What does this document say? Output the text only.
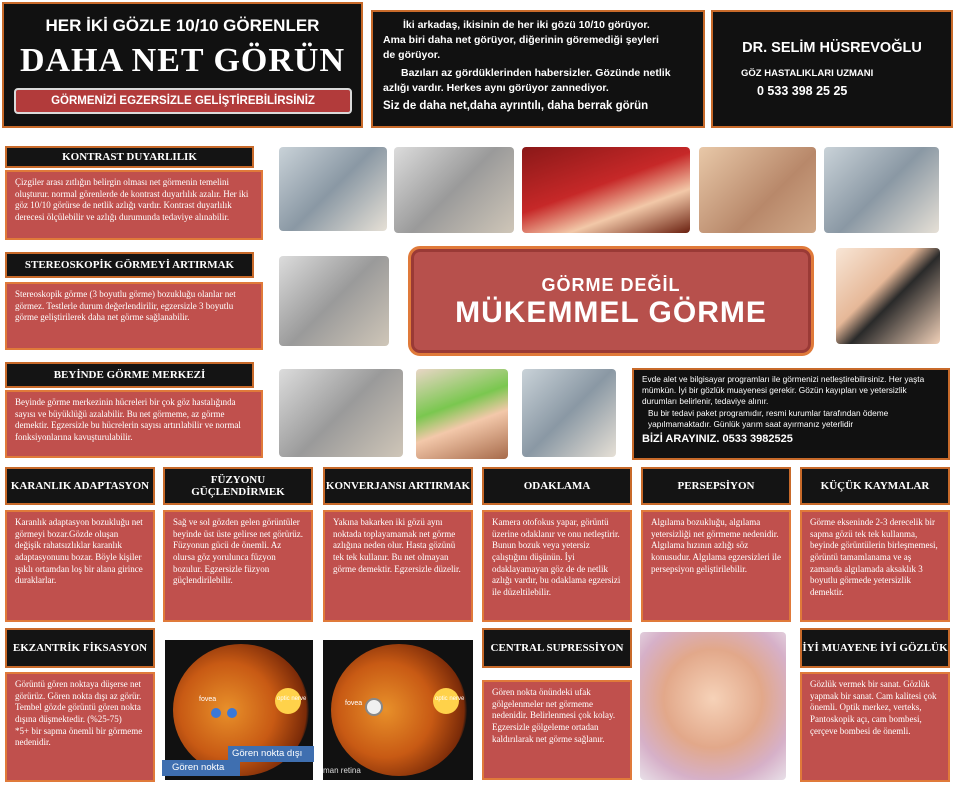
HER İKİ GÖZLE 10/10 GÖRENLER
DAHA NET GÖRÜN
GÖRMENİZİ EGZERSİZLE GELİŞTİREBİLİRSİNİZ
İki arkadaş, ikisinin de her iki gözü 10/10 görüyor.
Ama biri daha net görüyor, diğerinin göremediği şeyleri
de görüyor.
Bazıları az gördüklerinden habersizler. Gözünde netlik
azlığı vardır. Herkes aynı görüyor zannediyor.
Siz de daha net,daha ayrıntılı, daha berrak görün
DR. SELİM HÜSREVOĞLU
GÖZ HASTALIKLARI UZMANI
0 533 398 25 25
KONTRAST DUYARLILIK
Çizgiler arası zıtlığın belirgin olması net görmenin temelini oluşturur. normal görenlerde de kontrast duyarlılık azalır. Her iki göz 10/10 görürse de netlik azlığı vardır. Kontrast duyarlılık derecesi ölçülebilir ve azlığı durumunda tedaviye alınabilir.
STEREOSKOPİK GÖRMEYİ ARTIRMAK
Stereoskopik görme (3 boyutlu görme) bozukluğu olanlar net görmez. Testlerle durum değerlendirilir, egzersizle 3 boyutlu görme geliştirilerek daha net görme sağlanabilir.
BEYİNDE GÖRME MERKEZİ
Beyinde görme merkezinin hücreleri bir çok göz hastalığında sayısı ve büyüklüğü azalabilir. Bu net görmeme, az görme demektir. Egzersizle bu hücrelerin sayısı artırılabilir ve normal fonksiyonlarına kavuşturulabilir.
GÖRME DEĞİL
MÜKEMMEL GÖRME
Evde alet ve bilgisayar programları ile görmenizi netleştirebilirsiniz. Her yaşta mümkün. İyi bir gözlük muayenesi gerekir. Gözün kayıpları ve yetersizlik durumları belirlenir, tedaviye alınır.
Bu bir tedavi paket programıdır, resmi kurumlar tarafından ödeme yapılmamaktadır. Günlük yarım saat ayırmanız yeterlidir
BİZİ ARAYINIZ. 0533 3982525
KARANLIK ADAPTASYON
Karanlık adaptasyon bozukluğu net görmeyi bozar.Gözde oluşan değişik rahatsızlıklar karanlık adaptasyonunu bozar. Böyle kişiler ışıklı ortamdan loş bir alana girince duraklarlar.
FÜZYONU GÜÇLENDİRMEK
Sağ ve sol gözden gelen görüntüler beyinde üst üste gelirse net görürüz. Füzyonun gücü de önemli. Az olursa göz yorulunca füzyon bozulur. Egzersizle füzyon güçlendirilebilir.
KONVERJANSI ARTIRMAK
Yakına bakarken iki gözü aynı noktada toplayamamak net görme azlığına neden olur. Hasta gözünü tek tek kullanır. Bu net olmayan görme demektir. Egzersizle düzelir.
ODAKLAMA
Kamera otofokus yapar, görüntü üzerine odaklanır ve onu netleştirir. Bunun bozuk veya yetersiz çalıştığını düşünün. İyi odaklayamayan göz de de netlik azlığı vardır, bu odaklama egzersizi ile düzeltilebilir.
PERSEPSİYON
Algılama bozukluğu, algılama yetersizliği net görmeme nedenidir. Algılama hızının azlığı söz konusudur. Algılama egzersizleri ile persepsiyon geliştirilebilir.
KÜÇÜK KAYMALAR
Görme ekseninde 2-3 derecelik bir sapma gözü tek tek kullanma, beyinde görüntülerin birleşmemesi, görüntü tamamlanama ve aş zamanda algılamada aksaklık 3 boyutlu görmede yetersizlik demektir.
EKZANTRİK FİKSASYON
Görüntü gören noktaya düşerse net görürüz. Gören nokta dışı az görür. Tembel gözde görüntü gören nokta dışına düşmektedir. (%25-75)
*5+ bir sapma önemli bir görmeme nedenidir.
fovea	optic nerve
fovea
optic nerve
man retina
Gören nokta
Gören nokta dışı
CENTRAL SUPRESSİYON
Gören nokta önündeki ufak gölgelenmeler net görmeme nedenidir. Belirlenmesi çok kolay. Egzersizle gölgeleme ortadan kaldırılarak net görme sağlanır.
İYİ MUAYENE İYİ GÖZLÜK
Gözlük vermek bir sanat. Gözlük yapmak bir sanat. Cam kalitesi çok önemli. Optik merkez, verteks, Pantoskopik açı, cam bombesi, çerçeve bombesi de önemli.
